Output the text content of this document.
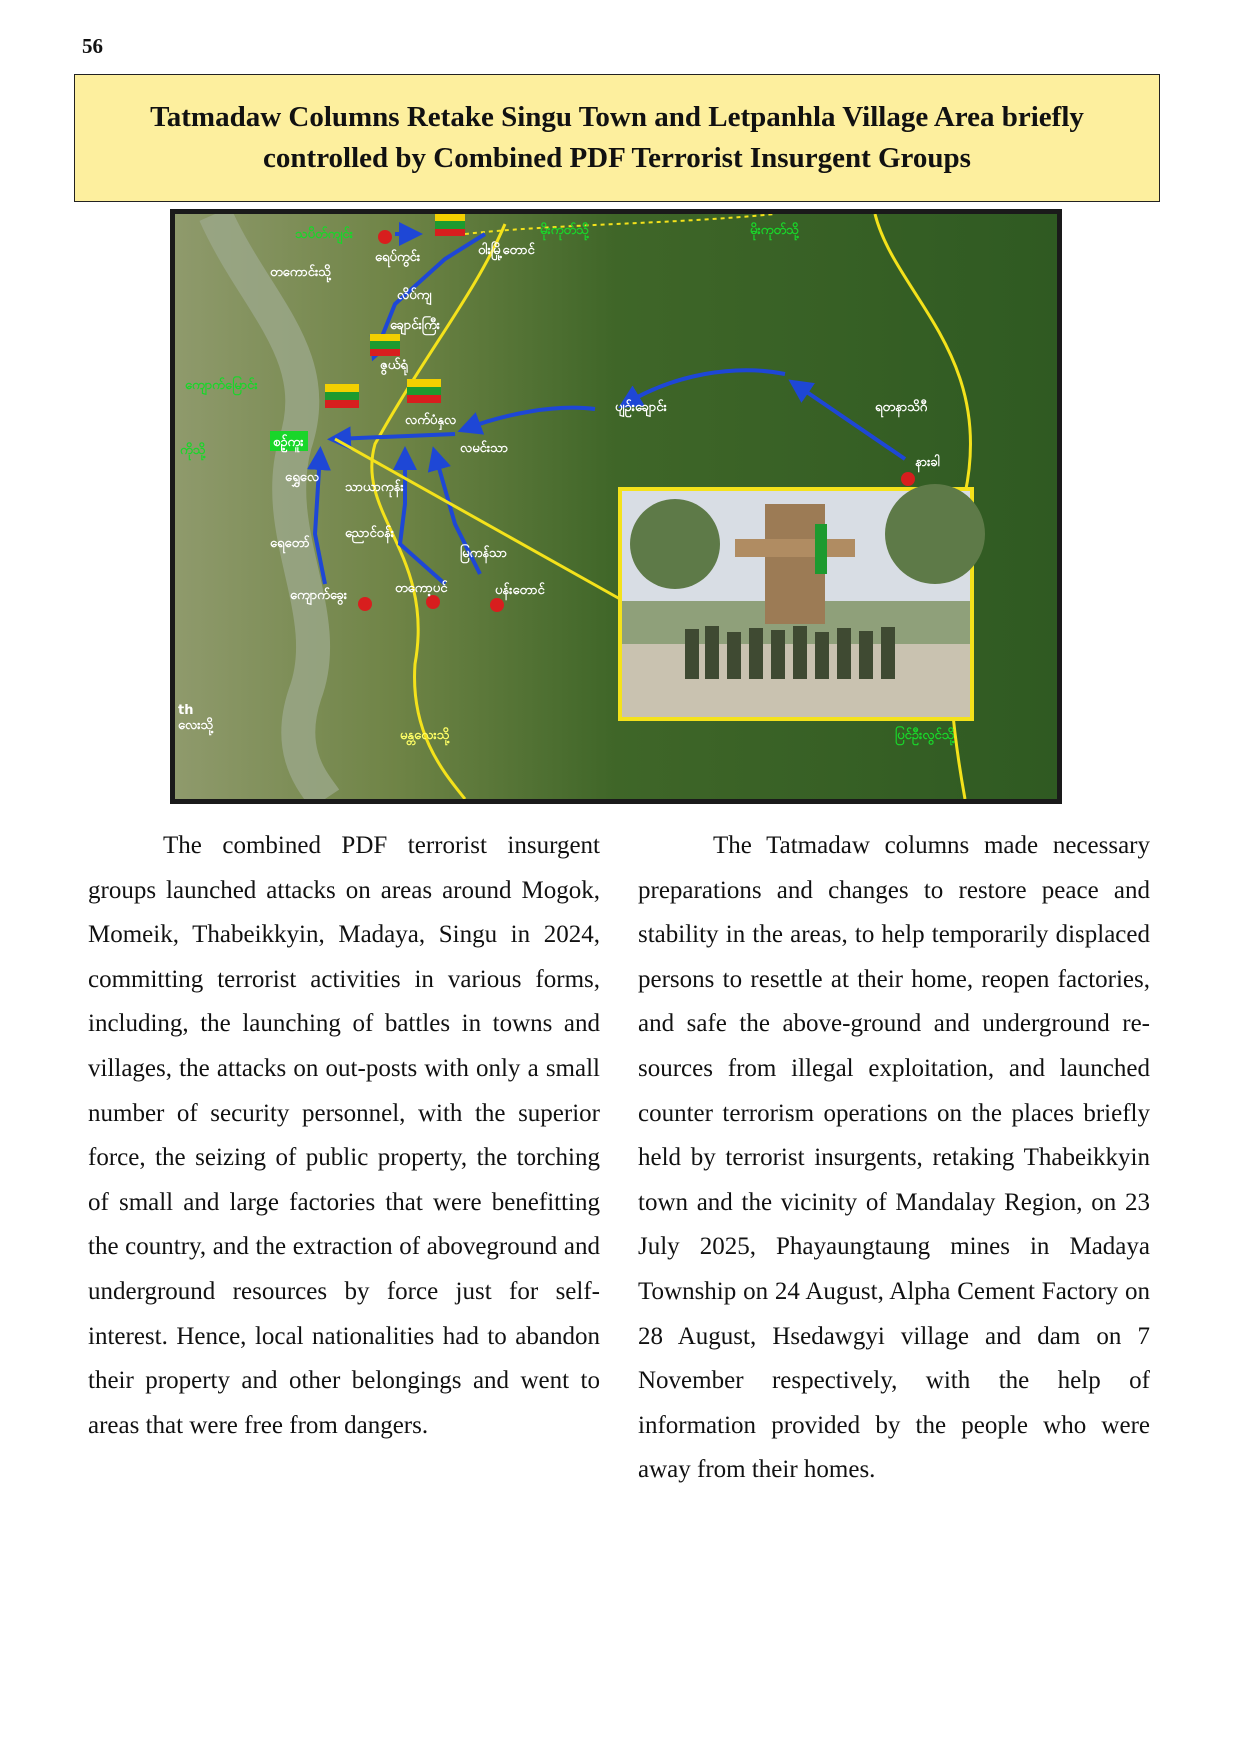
56
Tatmadaw Columns Retake Singu Town and Letpanhla Village Area briefly
controlled by Combined PDF Terrorist Insurgent Groups
သပိတ်ကျင်း
တကောင်းသို့
ရေပ်ကွင်း	ဝါးမြို့တောင်
မိုးကုတ်သို့	မိုးကုတ်သို့
လိပ်ကျ
ချောင်းကြီး
ဇွယ်ရုံ
ကျောက်မြောင်း
ကိုသို့
စဉ့်ကူး
လက်ပံနှလ
လမင်းသာ
ပျဉ်းချောင်း	ရတနာသိဂီ
နားခါ
ရွှေလေ
သာယာကုန်း
ရေတော်
ညောင်ဝန်း
မြကန်သာ
ကျောက်ခွေး	တကော့ပင်	ပန်းတောင်
th
လေးသို့
မန္တလေးသို့	ပြင်ဦးလွင်သို့

The combined PDF terrorist insurgent groups launched attacks on areas around Mogok, Momeik, Thabeikkyin, Madaya, Singu in 2024, committing terrorist activities in various forms, including, the launching of battles in towns and villages, the attacks on out-posts with only a small number of security personnel, with the superior force, the seizing of public property, the torching of small and large factories that were benefitting the country, and the extraction of aboveground and underground resources by force just for self-interest. Hence, local nationalities had to abandon their property and other belongings and went to areas that were free from dangers.

The Tatmadaw columns made necessary preparations and changes to restore peace and stability in the areas, to help temporarily displaced persons to resettle at their home, reopen factories, and safe the above-ground and underground re-sources from illegal exploitation, and launched counter terrorism operations on the places briefly held by terrorist insurgents, retaking Thabeikkyin town and the vicinity of Mandalay Region, on 23 July 2025, Phayaungtaung mines in Madaya Township on 24 August, Alpha Cement Factory on 28 August, Hsedawgyi village and dam on 7 November respectively, with the help of information provided by the people who were away from their homes.
